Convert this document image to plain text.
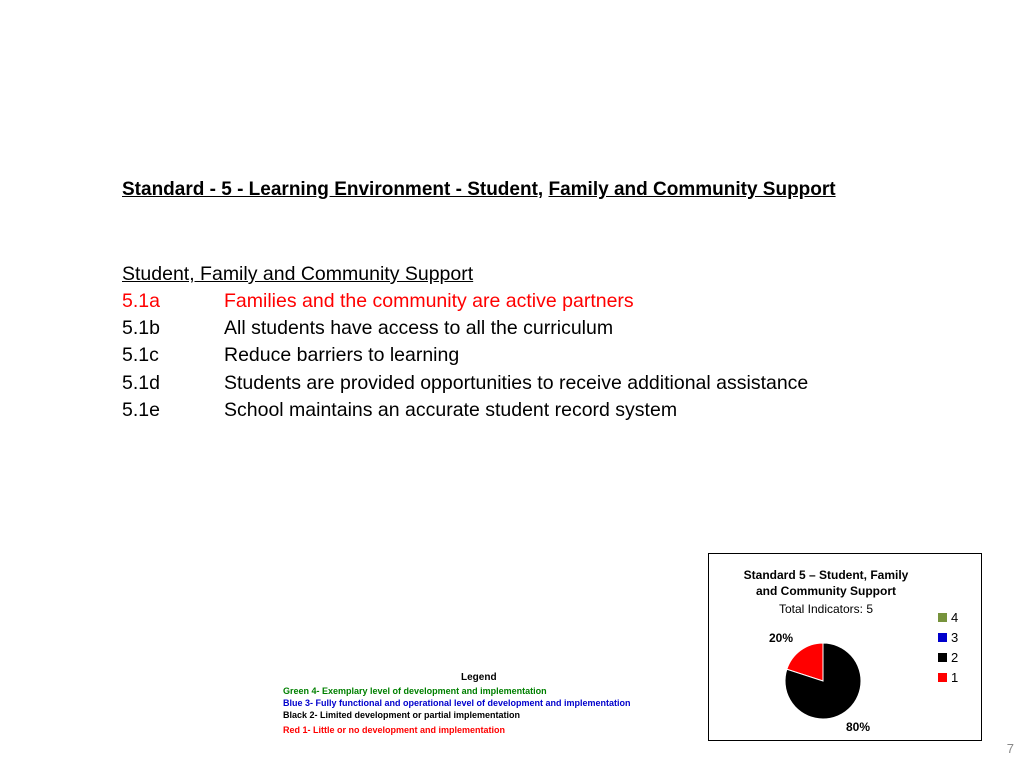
Standard - 5 - Learning Environment - Student, Family and Community Support
Student, Family and Community Support
5.1a	Families and the community are active partners
5.1b	All students have access to all the curriculum
5.1c	Reduce barriers to learning
5.1d	Students are provided opportunities to receive additional assistance
5.1e	School maintains an accurate student record system
Legend
Green 4- Exemplary level of development and implementation
Blue 3- Fully functional and operational level of development and implementation
Black 2- Limited development or partial implementation
Red 1- Little or no development and implementation
Standard 5 – Student, Family
and Community Support
Total Indicators: 5
20%
80%
4
3
2
1
7
